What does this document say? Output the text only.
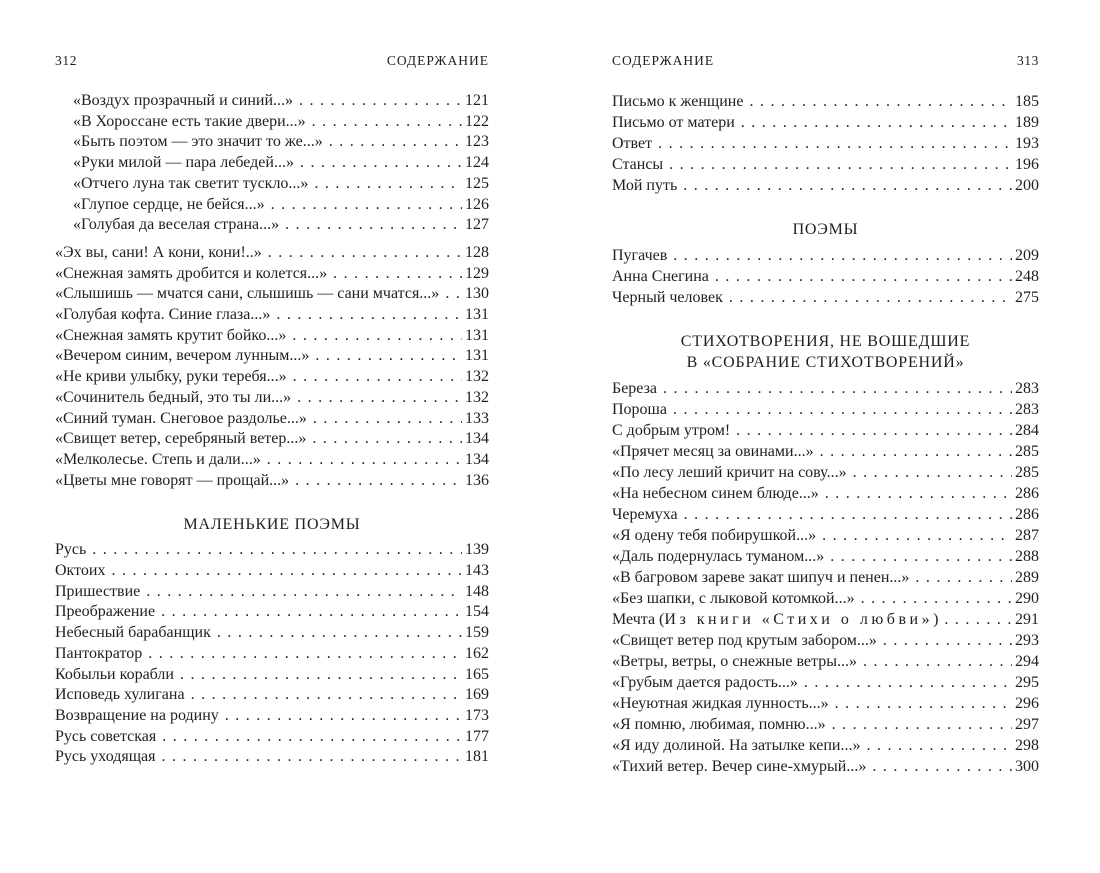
312	СОДЕРЖАНИЕ
«Воздух прозрачный и синий...» .....	121
«В Хороссане есть такие двери...» .....	122
«Быть поэтом — это значит то же...» .....	123
«Руки милой — пара лебедей...» .....	124
«Отчего луна так светит тускло...» .....	125
«Глупое сердце, не бейся...» .....	126
«Голубая да веселая страна...» .....	127
«Эх вы, сани! А кони, кони!..» .....	128
«Снежная замять дробится и колется...» .....	129
«Слышишь — мчатся сани, слышишь — сани мчатся...» ..... 130
«Голубая кофта. Синие глаза...» .....	131
«Снежная замять крутит бойко...» .....	131
«Вечером синим, вечером лунным...» .....	131
«Не криви улыбку, руки теребя...» .....	132
«Сочинитель бедный, это ты ли...» .....	132
«Синий туман. Снеговое раздолье...» .....	133
«Свищет ветер, серебряный ветер...» .....	134
«Мелколесье. Степь и дали...» .....	134
«Цветы мне говорят — прощай...» .....	136
МАЛЕНЬКИЕ ПОЭМЫ
Русь .....	139
Октоих .....	143
Пришествие .....	148
Преображение .....	154
Небесный барабанщик .....	159
Пантократор .....	162
Кобыльи корабли .....	165
Исповедь хулигана .....	169
Возвращение на родину .....	173
Русь советская .....	177
Русь уходящая .....	181
СОДЕРЖАНИЕ	313
Письмо к женщине .....	185
Письмо от матери .....	189
Ответ .....	193
Стансы .....	196
Мой путь .....	200
ПОЭМЫ
Пугачев .....	209
Анна Снегина .....	248
Черный человек .....	275
СТИХОТВОРЕНИЯ, НЕ ВОШЕДШИЕ
В «СОБРАНИЕ СТИХОТВОРЕНИЙ»
Береза .....	283
Пороша .....	283
С добрым утром! .....	284
«Прячет месяц за овинами...» .....	285
«По лесу леший кричит на сову...» .....	285
«На небесном синем блюде...» .....	286
Черемуха .....	286
«Я одену тебя побирушкой...» .....	287
«Даль подернулась туманом...» .....	288
«В багровом зареве закат шипуч и пенен...» .....	289
«Без шапки, с лыковой котомкой...» .....	290
Мечта (Из книги «Стихи о любви») .....	291
«Свищет ветер под крутым забором...» .....	293
«Ветры, ветры, о снежные ветры...» .....	294
«Грубым дается радость...» .....	295
«Неуютная жидкая лунность...» .....	296
«Я помню, любимая, помню...» .....	297
«Я иду долиной. На затылке кепи...» .....	298
«Тихий ветер. Вечер сине-хмурый...» .....	300
